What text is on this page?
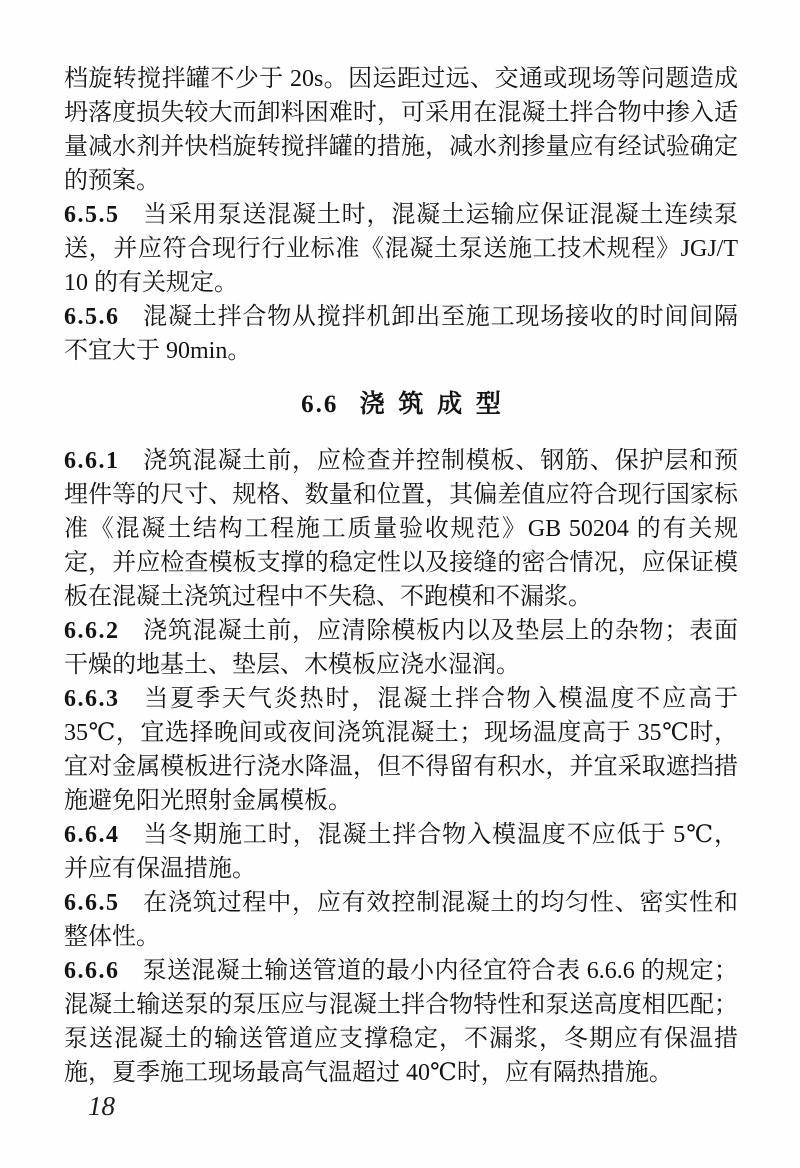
档旋转搅拌罐不少于 20s。因运距过远、交通或现场等问题造成坍落度损失较大而卸料困难时，可采用在混凝土拌合物中掺入适量减水剂并快档旋转搅拌罐的措施，减水剂掺量应有经试验确定的预案。

6.5.5 当采用泵送混凝土时，混凝土运输应保证混凝土连续泵送，并应符合现行行业标准《混凝土泵送施工技术规程》JGJ/T 10 的有关规定。

6.5.6 混凝土拌合物从搅拌机卸出至施工现场接收的时间间隔不宜大于 90min。

6.6 浇筑成型

6.6.1 浇筑混凝土前，应检查并控制模板、钢筋、保护层和预埋件等的尺寸、规格、数量和位置，其偏差值应符合现行国家标准《混凝土结构工程施工质量验收规范》GB 50204 的有关规定，并应检查模板支撑的稳定性以及接缝的密合情况，应保证模板在混凝土浇筑过程中不失稳、不跑模和不漏浆。

6.6.2 浇筑混凝土前，应清除模板内以及垫层上的杂物；表面干燥的地基土、垫层、木模板应浇水湿润。

6.6.3 当夏季天气炎热时，混凝土拌合物入模温度不应高于 35℃，宜选择晚间或夜间浇筑混凝土；现场温度高于 35℃时，宜对金属模板进行浇水降温，但不得留有积水，并宜采取遮挡措施避免阳光照射金属模板。

6.6.4 当冬期施工时，混凝土拌合物入模温度不应低于 5℃，并应有保温措施。

6.6.5 在浇筑过程中，应有效控制混凝土的均匀性、密实性和整体性。

6.6.6 泵送混凝土输送管道的最小内径宜符合表 6.6.6 的规定；混凝土输送泵的泵压应与混凝土拌合物特性和泵送高度相匹配；泵送混凝土的输送管道应支撑稳定，不漏浆，冬期应有保温措施，夏季施工现场最高气温超过 40℃时，应有隔热措施。

18
